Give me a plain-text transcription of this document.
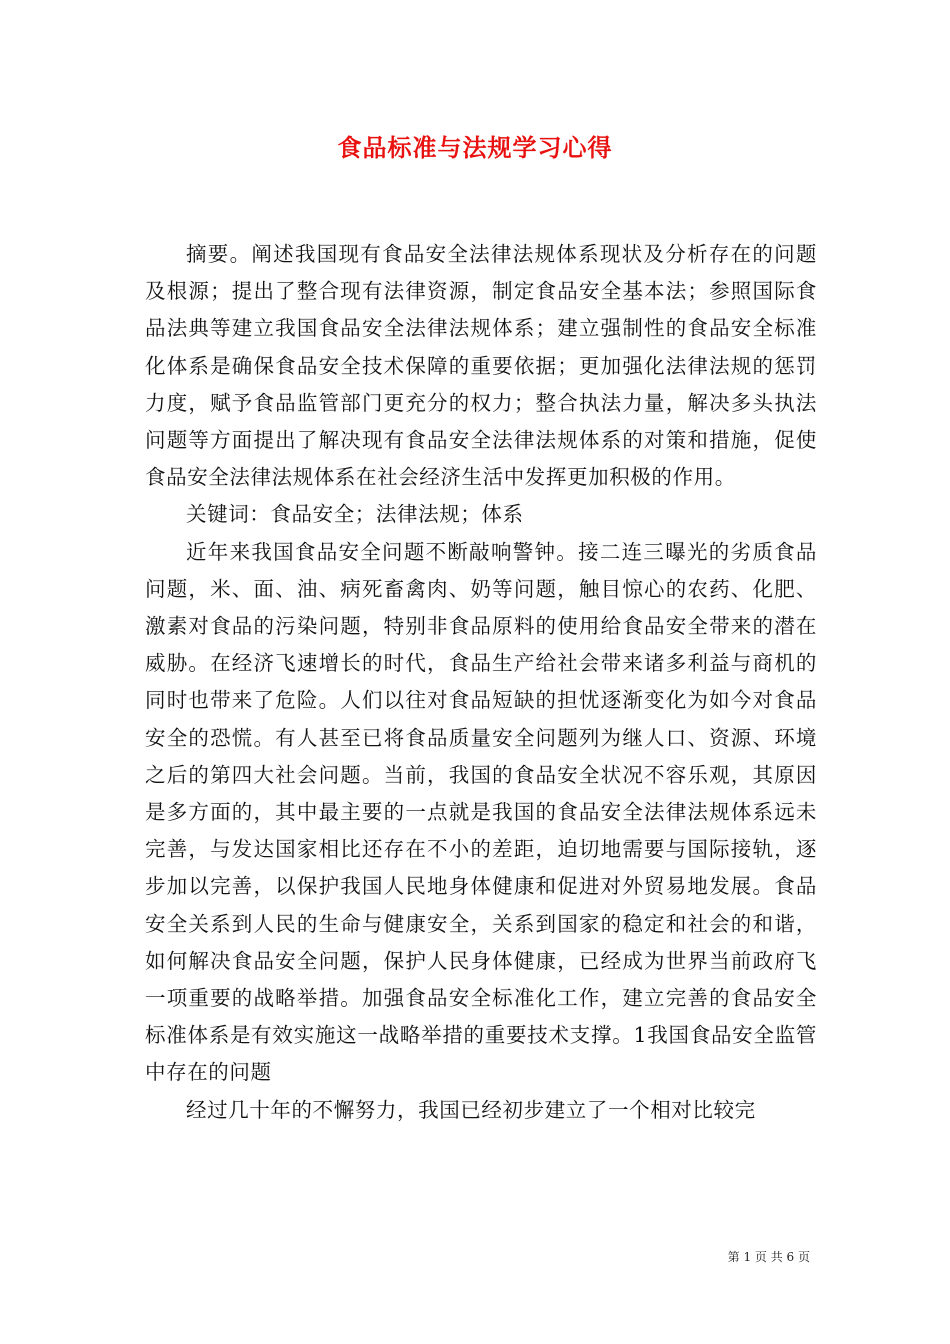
食品标准与法规学习心得

摘要。阐述我国现有食品安全法律法规体系现状及分析存在的问题及根源；提出了整合现有法律资源，制定食品安全基本法；参照国际食品法典等建立我国食品安全法律法规体系；建立强制性的食品安全标准化体系是确保食品安全技术保障的重要依据；更加强化法律法规的惩罚力度，赋予食品监管部门更充分的权力；整合执法力量，解决多头执法问题等方面提出了解决现有食品安全法律法规体系的对策和措施，促使食品安全法律法规体系在社会经济生活中发挥更加积极的作用。

关键词：食品安全；法律法规；体系

近年来我国食品安全问题不断敲响警钟。接二连三曝光的劣质食品问题，米、面、油、病死畜禽肉、奶等问题，触目惊心的农药、化肥、激素对食品的污染问题，特别非食品原料的使用给食品安全带来的潜在威胁。在经济飞速增长的时代，食品生产给社会带来诸多利益与商机的同时也带来了危险。人们以往对食品短缺的担忧逐渐变化为如今对食品安全的恐慌。有人甚至已将食品质量安全问题列为继人口、资源、环境之后的第四大社会问题。当前，我国的食品安全状况不容乐观，其原因是多方面的，其中最主要的一点就是我国的食品安全法律法规体系远未完善，与发达国家相比还存在不小的差距，迫切地需要与国际接轨，逐步加以完善，以保护我国人民地身体健康和促进对外贸易地发展。食品安全关系到人民的生命与健康安全，关系到国家的稳定和社会的和谐，如何解决食品安全问题，保护人民身体健康，已经成为世界当前政府飞一项重要的战略举措。加强食品安全标准化工作，建立完善的食品安全标准体系是有效实施这一战略举措的重要技术支撑。1我国食品安全监管中存在的问题

经过几十年的不懈努力，我国已经初步建立了一个相对比较完

第 1 页 共 6 页
